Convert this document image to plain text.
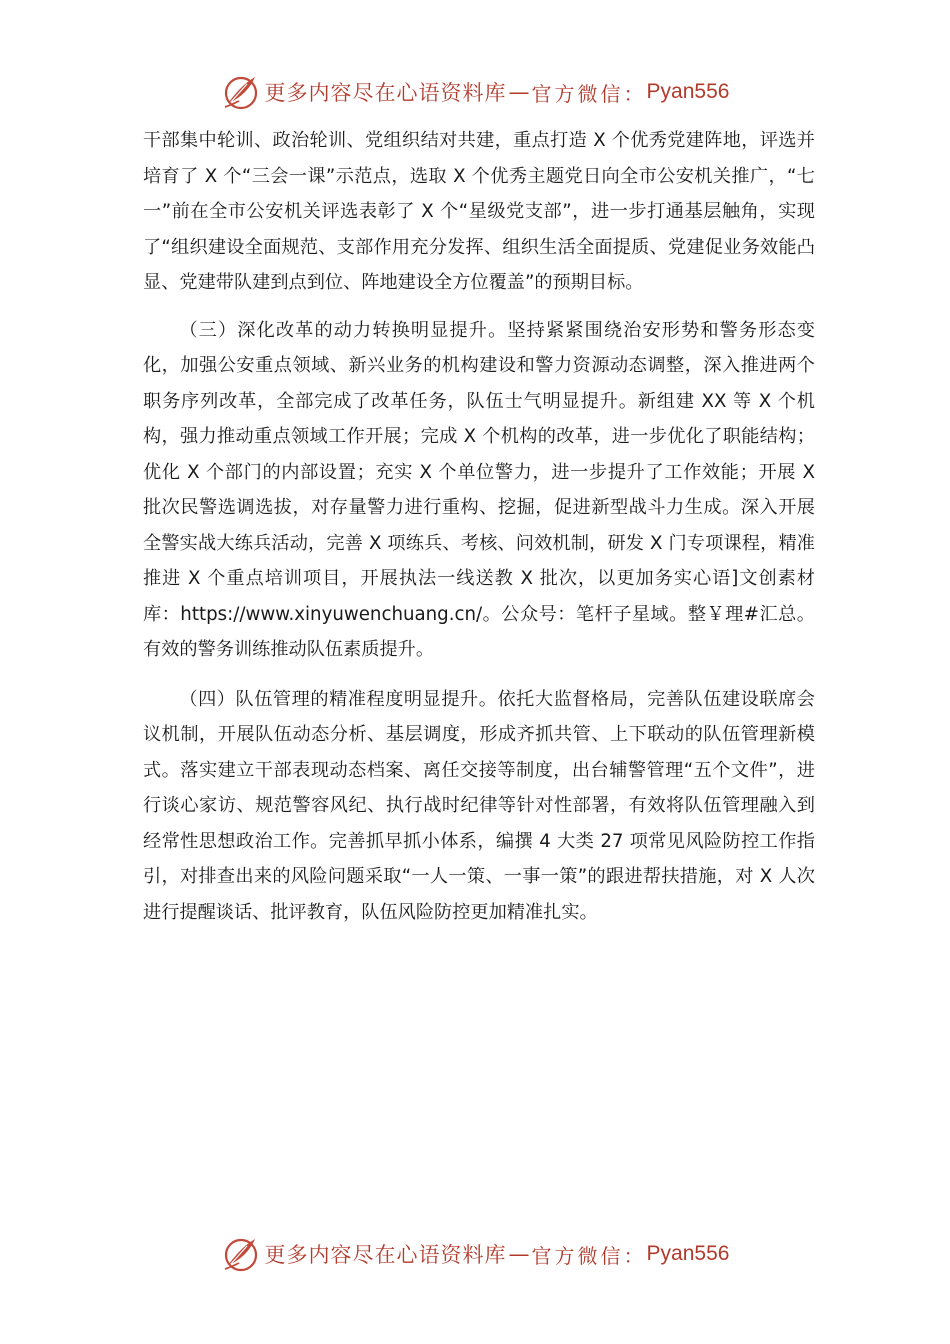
更多内容尽在心语资料库 — 官方微信： Pyan556

干部集中轮训、政治轮训、党组织结对共建，重点打造 X 个优秀党建阵地，评选并培育了 X 个“三会一课”示范点，选取 X 个优秀主题党日向全市公安机关推广，“七一”前在全市公安机关评选表彰了 X 个“星级党支部”，进一步打通基层触角，实现了“组织建设全面规范、支部作用充分发挥、组织生活全面提质、党建促业务效能凸显、党建带队建到点到位、阵地建设全方位覆盖”的预期目标。

（三）深化改革的动力转换明显提升。坚持紧紧围绕治安形势和警务形态变化，加强公安重点领域、新兴业务的机构建设和警力资源动态调整，深入推进两个职务序列改革，全部完成了改革任务，队伍士气明显提升。新组建 XX 等 X 个机构，强力推动重点领域工作开展；完成 X 个机构的改革，进一步优化了职能结构；优化 X 个部门的内部设置；充实 X 个单位警力，进一步提升了工作效能；开展 X 批次民警选调选拔，对存量警力进行重构、挖掘，促进新型战斗力生成。深入开展全警实战大练兵活动，完善 X 项练兵、考核、问效机制，研发 X 门专项课程，精准推进 X 个重点培训项目，开展执法一线送教 X 批次，以更加务实心语]文创素材库：https://www.xinyuwenchuang.cn/。公众号：笔杆子星域。整￥理#汇总。有效的警务训练推动队伍素质提升。

（四）队伍管理的精准程度明显提升。依托大监督格局，完善队伍建设联席会议机制，开展队伍动态分析、基层调度，形成齐抓共管、上下联动的队伍管理新模式。落实建立干部表现动态档案、离任交接等制度，出台辅警管理“五个文件”，进行谈心家访、规范警容风纪、执行战时纪律等针对性部署，有效将队伍管理融入到经常性思想政治工作。完善抓早抓小体系，编撰 4 大类 27 项常见风险防控工作指引，对排查出来的风险问题采取“一人一策、一事一策”的跟进帮扶措施，对 X 人次进行提醒谈话、批评教育，队伍风险防控更加精准扎实。

更多内容尽在心语资料库 — 官方微信： Pyan556
